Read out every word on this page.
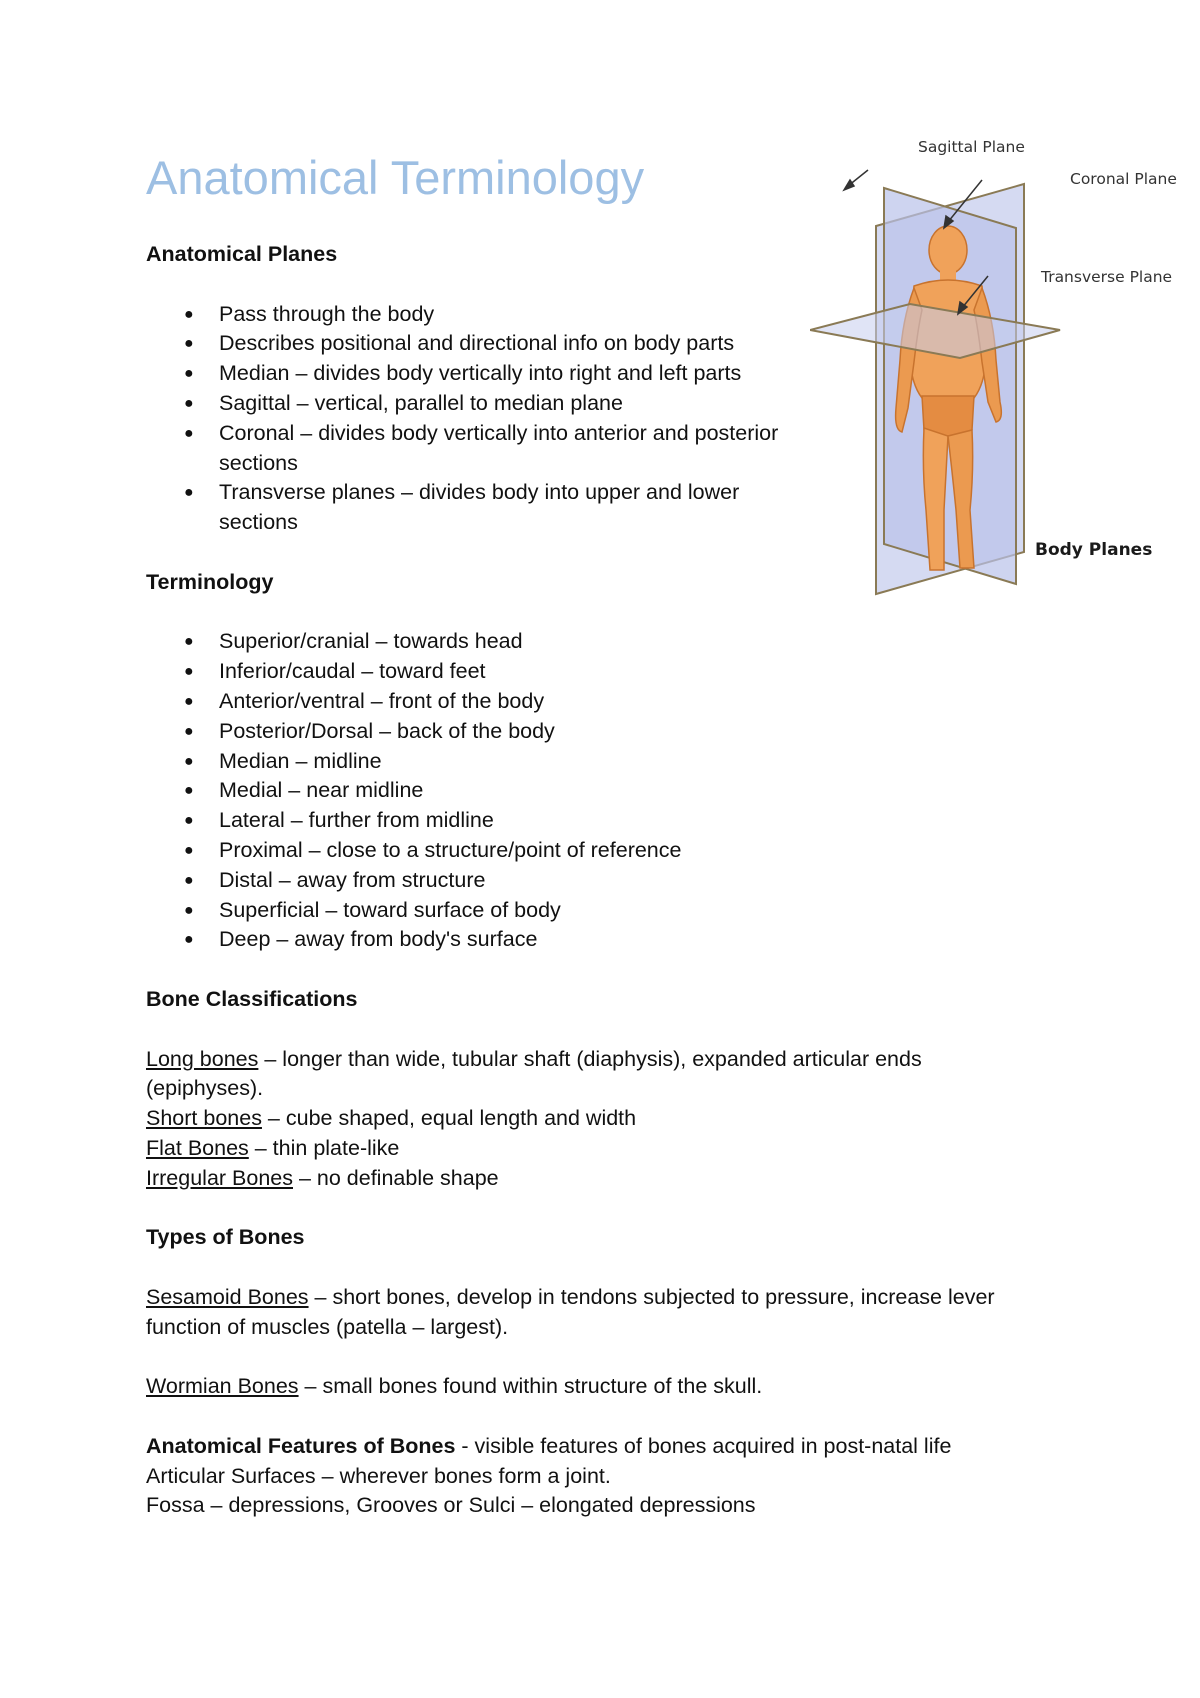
Anatomical Terminology

Anatomical Planes

● Pass through the body
● Describes positional and directional info on body parts
● Median – divides body vertically into right and left parts
● Sagittal – vertical, parallel to median plane
● Coronal – divides body vertically into anterior and posterior sections
● Transverse planes – divides body into upper and lower sections

Terminology

● Superior/cranial – towards head
● Inferior/caudal – toward feet
● Anterior/ventral – front of the body
● Posterior/Dorsal – back of the body
● Median – midline
● Medial – near midline
● Lateral – further from midline
● Proximal – close to a structure/point of reference
● Distal – away from structure
● Superficial – toward surface of body
● Deep – away from body's surface

Bone Classifications

Long bones – longer than wide, tubular shaft (diaphysis), expanded articular ends (epiphyses).

Short bones – cube shaped, equal length and width

Flat Bones – thin plate-like

Irregular Bones – no definable shape

Types of Bones

Sesamoid Bones – short bones, develop in tendons subjected to pressure, increase lever function of muscles (patella – largest).

Wormian Bones – small bones found within structure of the skull.

Anatomical Features of Bones - visible features of bones acquired in post-natal life

Articular Surfaces – wherever bones form a joint.

Fossa – depressions, Grooves or Sulci – elongated depressions

Sagittal Plane
Coronal Plane
Transverse Plane
Body Planes
